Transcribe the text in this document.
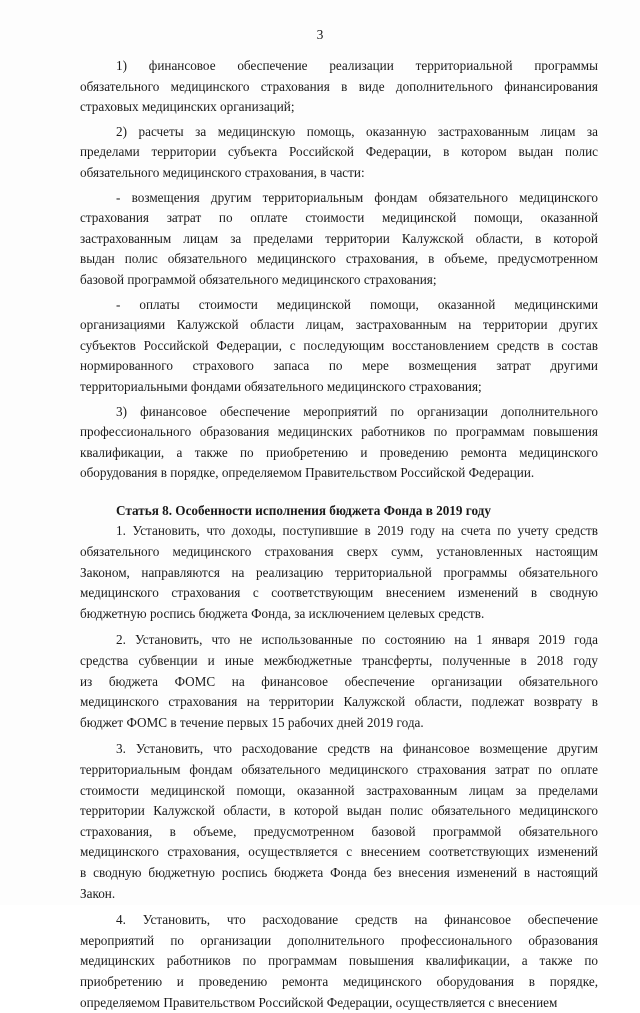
3
1) финансовое обеспечение реализации территориальной программы
обязательного медицинского страхования в виде дополнительного финансирования
страховых медицинских организаций;
2) расчеты за медицинскую помощь, оказанную застрахованным лицам за
пределами территории субъекта Российской Федерации, в котором выдан полис
обязательного медицинского страхования, в части:
- возмещения другим территориальным фондам обязательного медицинского
страхования затрат по оплате стоимости медицинской помощи, оказанной
застрахованным лицам за пределами территории Калужской области, в которой
выдан полис обязательного медицинского страхования, в объеме, предусмотренном
базовой программой обязательного медицинского страхования;
- оплаты стоимости медицинской помощи, оказанной медицинскими
организациями Калужской области лицам, застрахованным на территории других
субъектов Российской Федерации, с последующим восстановлением средств в состав
нормированного страхового запаса по мере возмещения затрат другими
территориальными фондами обязательного медицинского страхования;
3) финансовое обеспечение мероприятий по организации дополнительного
профессионального образования медицинских работников по программам повышения
квалификации, а также по приобретению и проведению ремонта медицинского
оборудования в порядке, определяемом Правительством Российской Федерации.
Статья 8. Особенности исполнения бюджета Фонда в 2019 году
1. Установить, что доходы, поступившие в 2019 году на счета по учету средств
обязательного медицинского страхования сверх сумм, установленных настоящим
Законом, направляются на реализацию территориальной программы обязательного
медицинского страхования с соответствующим внесением изменений в сводную
бюджетную роспись бюджета Фонда, за исключением целевых средств.
2. Установить, что не использованные по состоянию на 1 января 2019 года
средства субвенции и иные межбюджетные трансферты, полученные в 2018 году
из бюджета ФОМС на финансовое обеспечение организации обязательного
медицинского страхования на территории Калужской области, подлежат возврату в
бюджет ФОМС в течение первых 15 рабочих дней 2019 года.
3. Установить, что расходование средств на финансовое возмещение другим
территориальным фондам обязательного медицинского страхования затрат по оплате
стоимости медицинской помощи, оказанной застрахованным лицам за пределами
территории Калужской области, в которой выдан полис обязательного медицинского
страхования, в объеме, предусмотренном базовой программой обязательного
медицинского страхования, осуществляется с внесением соответствующих изменений
в сводную бюджетную роспись бюджета Фонда без внесения изменений в настоящий
Закон.
4. Установить, что расходование средств на финансовое обеспечение
мероприятий по организации дополнительного профессионального образования
медицинских работников по программам повышения квалификации, а также по
приобретению и проведению ремонта медицинского оборудования в порядке,
определяемом Правительством Российской Федерации, осуществляется с внесением
